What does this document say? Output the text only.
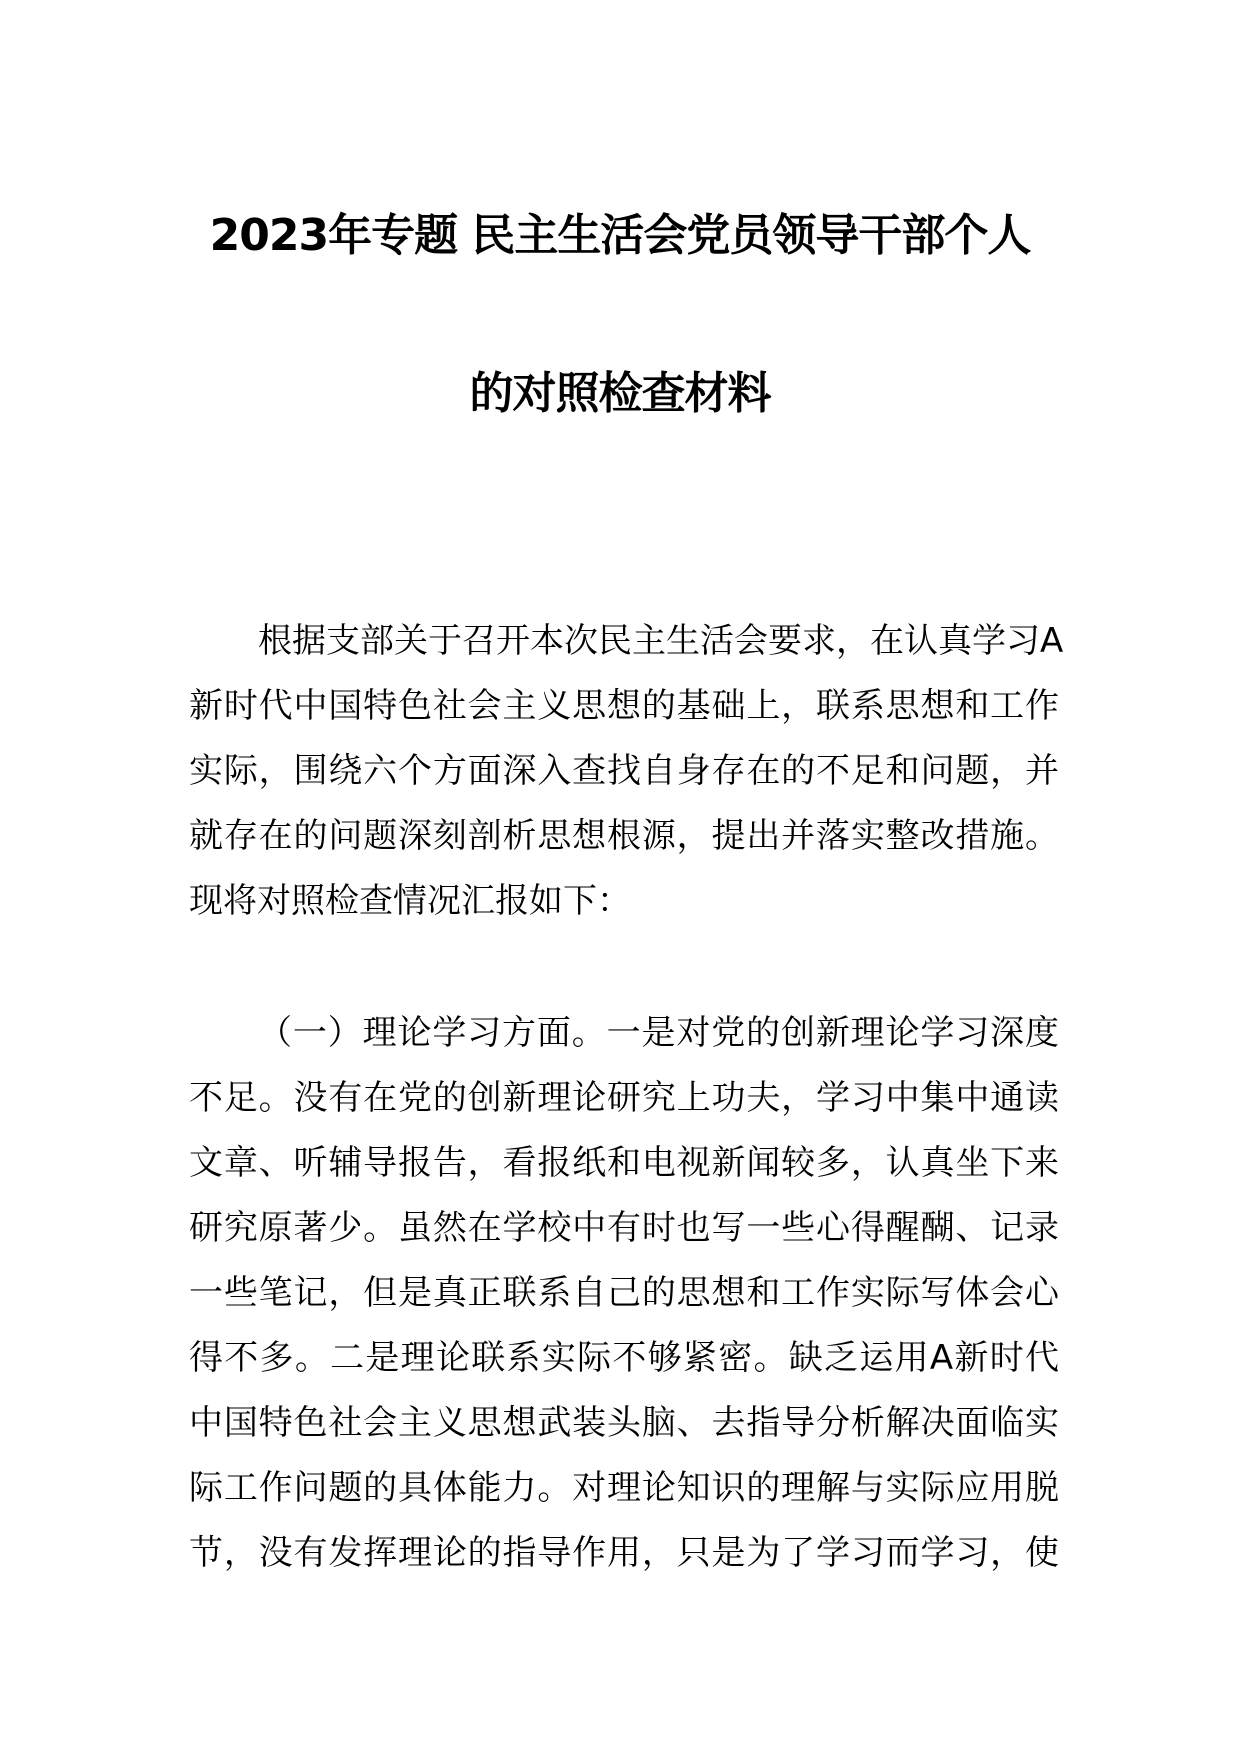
2023年专题 民主生活会党员领导干部个人
的对照检查材料
根据支部关于召开本次民主生活会要求，在认真学习A
新时代中国特色社会主义思想的基础上，联系思想和工作
实际，围绕六个方面深入查找自身存在的不足和问题，并
就存在的问题深刻剖析思想根源，提出并落实整改措施。
现将对照检查情况汇报如下：
（一）理论学习方面。一是对党的创新理论学习深度
不足。没有在党的创新理论研究上功夫，学习中集中通读
文章、听辅导报告，看报纸和电视新闻较多，认真坐下来
研究原著少。虽然在学校中有时也写一些心得醒醐、记录
一些笔记，但是真正联系自己的思想和工作实际写体会心
得不多。二是理论联系实际不够紧密。缺乏运用A新时代
中国特色社会主义思想武装头脑、去指导分析解决面临实
际工作问题的具体能力。对理论知识的理解与实际应用脱
节，没有发挥理论的指导作用，只是为了学习而学习，使
